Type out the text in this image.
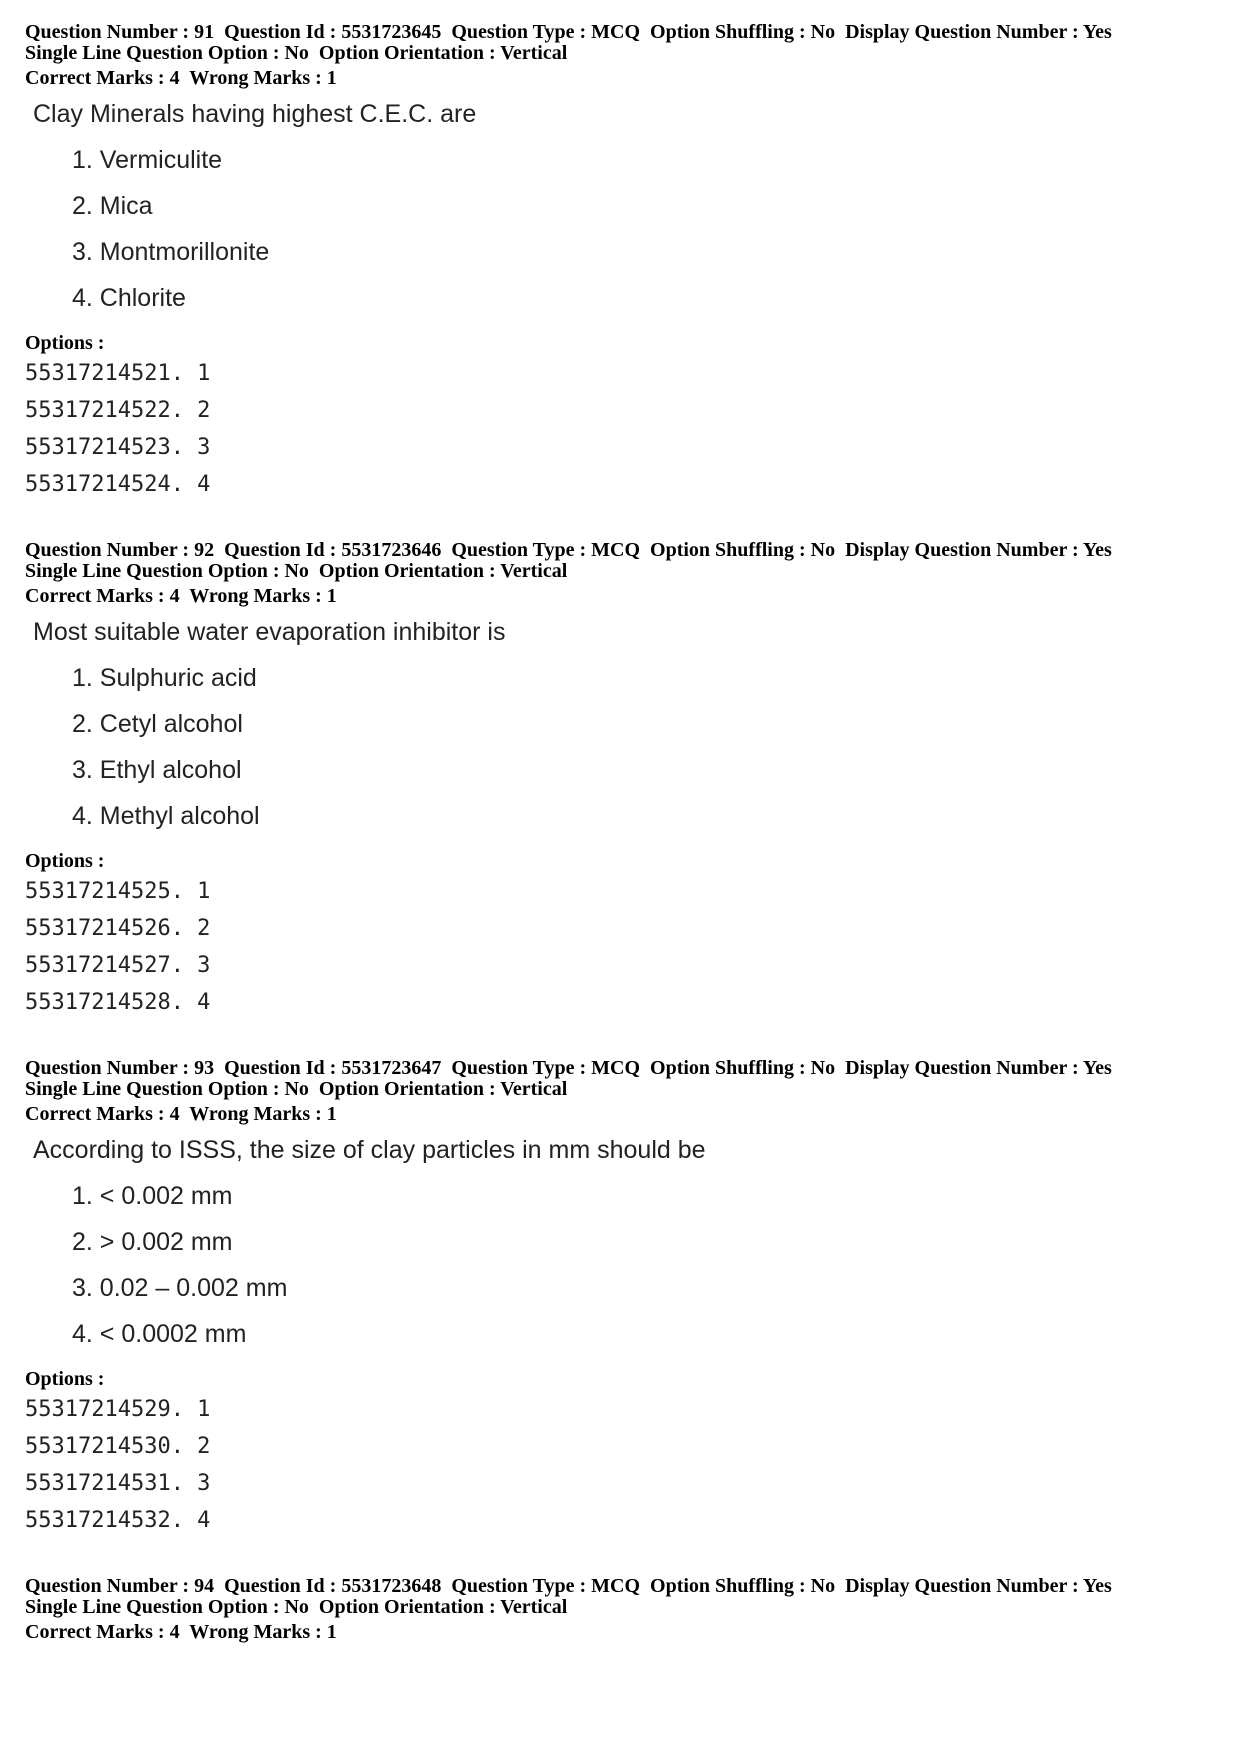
Question Number : 91  Question Id : 5531723645  Question Type : MCQ  Option Shuffling : No  Display Question Number : Yes
Single Line Question Option : No  Option Orientation : Vertical
Correct Marks : 4  Wrong Marks : 1
Clay Minerals having highest C.E.C. are
1. Vermiculite
2. Mica
3. Montmorillonite
4. Chlorite
Options :
55317214521. 1
55317214522. 2
55317214523. 3
55317214524. 4
Question Number : 92  Question Id : 5531723646  Question Type : MCQ  Option Shuffling : No  Display Question Number : Yes
Single Line Question Option : No  Option Orientation : Vertical
Correct Marks : 4  Wrong Marks : 1
Most suitable water evaporation inhibitor is
1. Sulphuric acid
2. Cetyl alcohol
3. Ethyl alcohol
4. Methyl alcohol
Options :
55317214525. 1
55317214526. 2
55317214527. 3
55317214528. 4
Question Number : 93  Question Id : 5531723647  Question Type : MCQ  Option Shuffling : No  Display Question Number : Yes
Single Line Question Option : No  Option Orientation : Vertical
Correct Marks : 4  Wrong Marks : 1
According to ISSS, the size of clay particles in mm should be
1. < 0.002 mm
2. > 0.002 mm
3. 0.02 – 0.002 mm
4. < 0.0002 mm
Options :
55317214529. 1
55317214530. 2
55317214531. 3
55317214532. 4
Question Number : 94  Question Id : 5531723648  Question Type : MCQ  Option Shuffling : No  Display Question Number : Yes
Single Line Question Option : No  Option Orientation : Vertical
Correct Marks : 4  Wrong Marks : 1
